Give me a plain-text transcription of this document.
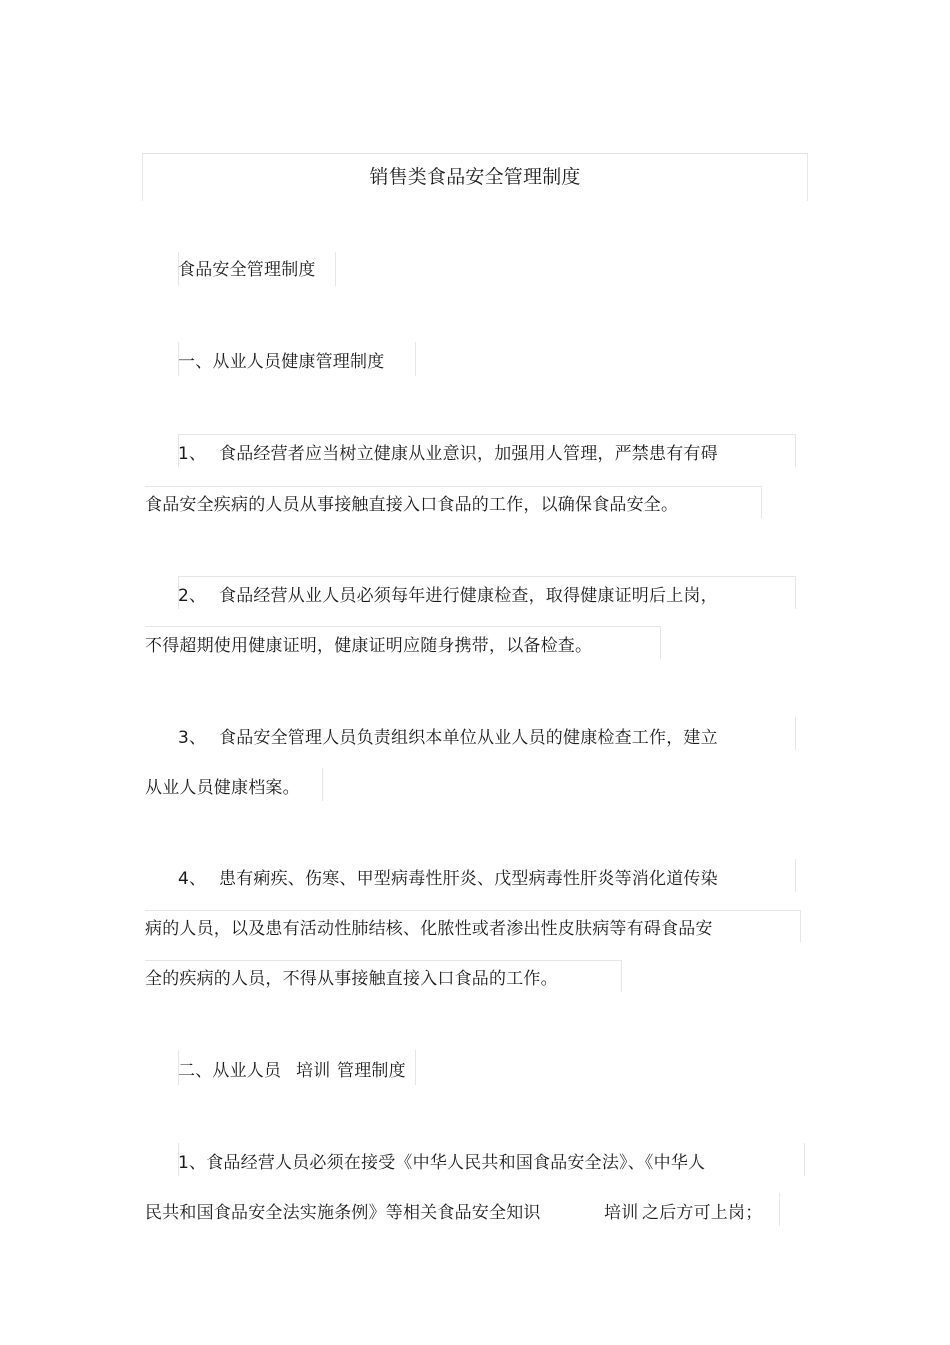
销售类食品安全管理制度
食品安全管理制度
一、从业人员健康管理制度
1、 食品经营者应当树立健康从业意识，加强用人管理，严禁患有有碍
食品安全疾病的人员从事接触直接入口食品的工作，以确保食品安全。
2、 食品经营从业人员必须每年进行健康检查，取得健康证明后上岗，
不得超期使用健康证明，健康证明应随身携带，以备检查。
3、 食品安全管理人员负责组织本单位从业人员的健康检查工作，建立
从业人员健康档案。
4、 患有痢疾、伤寒、甲型病毒性肝炎、戊型病毒性肝炎等消化道传染
病的人员，以及患有活动性肺结核、化脓性或者渗出性皮肤病等有碍食品安
全的疾病的人员，不得从事接触直接入口食品的工作。
二、从业人员 培训 管理制度
1、食品经营人员必须在接受《中华人民共和国食品安全法》、《中华人
民共和国食品安全法实施条例》等相关食品安全知识	培训 之后方可上岗；
